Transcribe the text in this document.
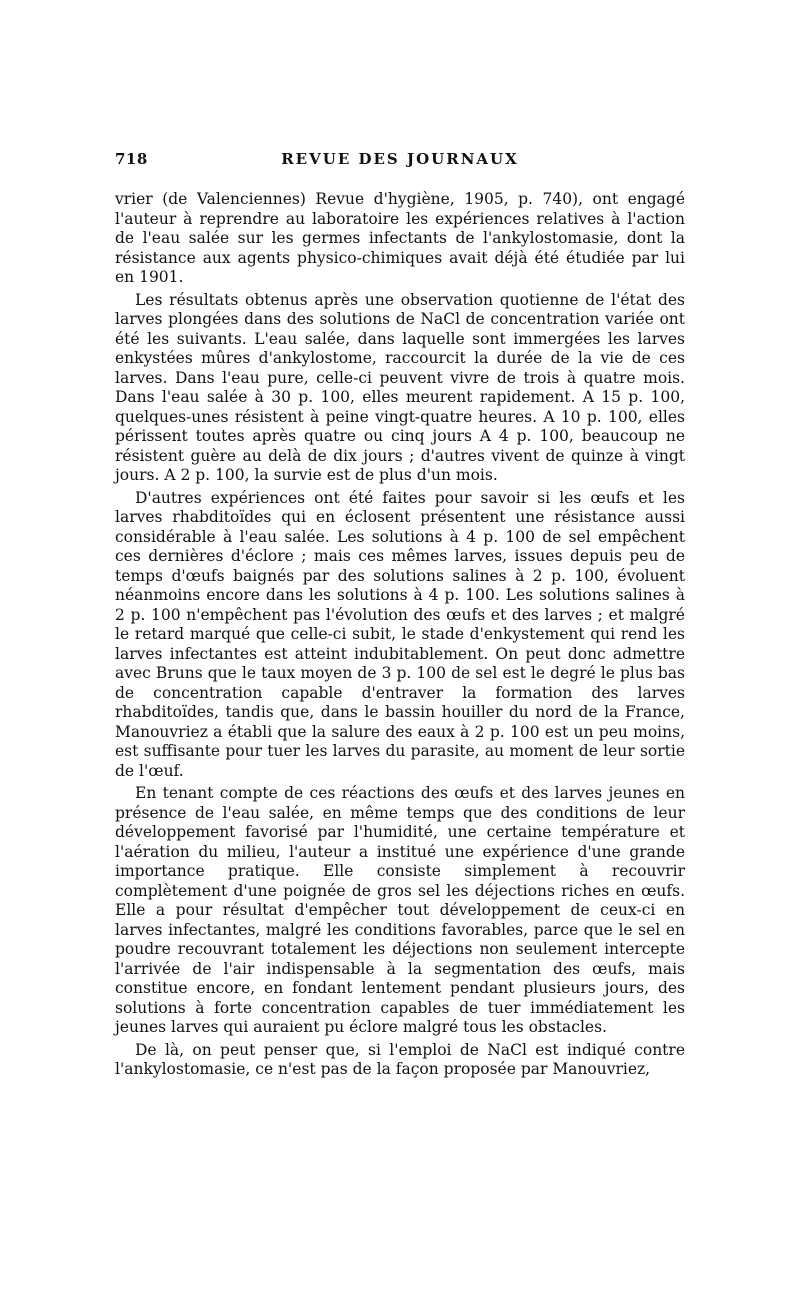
718	REVUE DES JOURNAUX

vrier (de Valenciennes) Revue d'hygiène, 1905, p. 740), ont engagé l'auteur à reprendre au laboratoire les expériences relatives à l'action de l'eau salée sur les germes infectants de l'ankylostomasie, dont la résistance aux agents physico-chimiques avait déjà été étudiée par lui en 1901.

Les résultats obtenus après une observation quotienne de l'état des larves plongées dans des solutions de NaCl de concentration variée ont été les suivants. L'eau salée, dans laquelle sont immergées les larves enkystées mûres d'ankylostome, raccourcit la durée de la vie de ces larves. Dans l'eau pure, celle-ci peuvent vivre de trois à quatre mois. Dans l'eau salée à 30 p. 100, elles meurent rapidement. A 15 p. 100, quelques-unes résistent à peine vingt-quatre heures. A 10 p. 100, elles périssent toutes après quatre ou cinq jours A 4 p. 100, beaucoup ne résistent guère au delà de dix jours ; d'autres vivent de quinze à vingt jours. A 2 p. 100, la survie est de plus d'un mois.

D'autres expériences ont été faites pour savoir si les œufs et les larves rhabditoïdes qui en éclosent présentent une résistance aussi considérable à l'eau salée. Les solutions à 4 p. 100 de sel empêchent ces dernières d'éclore ; mais ces mêmes larves, issues depuis peu de temps d'œufs baignés par des solutions salines à 2 p. 100, évoluent néanmoins encore dans les solutions à 4 p. 100. Les solutions salines à 2 p. 100 n'empêchent pas l'évolution des œufs et des larves ; et malgré le retard marqué que celle-ci subit, le stade d'enkystement qui rend les larves infectantes est atteint indubitablement. On peut donc admettre avec Bruns que le taux moyen de 3 p. 100 de sel est le degré le plus bas de concentration capable d'entraver la formation des larves rhabditoïdes, tandis que, dans le bassin houiller du nord de la France, Manouvriez a établi que la salure des eaux à 2 p. 100 est un peu moins, est suffisante pour tuer les larves du parasite, au moment de leur sortie de l'œuf.

En tenant compte de ces réactions des œufs et des larves jeunes en présence de l'eau salée, en même temps que des conditions de leur développement favorisé par l'humidité, une certaine température et l'aération du milieu, l'auteur a institué une expérience d'une grande importance pratique. Elle consiste simplement à recouvrir complètement d'une poignée de gros sel les déjections riches en œufs. Elle a pour résultat d'empêcher tout développement de ceux-ci en larves infectantes, malgré les conditions favorables, parce que le sel en poudre recouvrant totalement les déjections non seulement intercepte l'arrivée de l'air indispensable à la segmentation des œufs, mais constitue encore, en fondant lentement pendant plusieurs jours, des solutions à forte concentration capables de tuer immédiatement les jeunes larves qui auraient pu éclore malgré tous les obstacles.

De là, on peut penser que, si l'emploi de NaCl est indiqué contre l'ankylostomasie, ce n'est pas de la façon proposée par Manouvriez,
